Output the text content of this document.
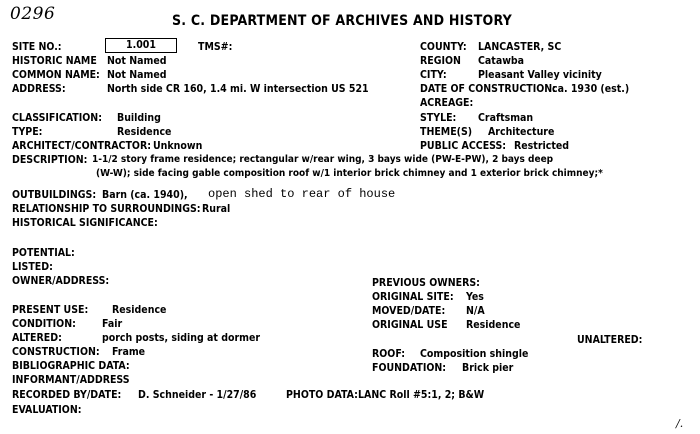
0296	S. C. DEPARTMENT OF ARCHIVES AND HISTORY
SITE NO.:	1.001	TMS#:
HISTORIC NAME Not Named
COMMON NAME: Not Named
ADDRESS:	North side CR 160, 1.4 mi. W intersection US 521
CLASSIFICATION: Building
TYPE:	Residence
ARCHITECT/CONTRACTOR: Unknown
DESCRIPTION: 1-1/2 story frame residence; rectangular w/rear wing, 3 bays wide (PW-E-PW), 2 bays deep
(W-W); side facing gable composition roof w/1 interior brick chimney and 1 exterior brick chimney;*
OUTBUILDINGS: Barn (ca. 1940), open shed to rear of house
RELATIONSHIP TO SURROUNDINGS: Rural
HISTORICAL SIGNIFICANCE:
POTENTIAL:
LISTED:
OWNER/ADDRESS:
PRESENT USE: Residence
CONDITION: Fair
ALTERED:	porch posts, siding at dormer
CONSTRUCTION: Frame
BIBLIOGRAPHIC DATA:
INFORMANT/ADDRESS
RECORDED BY/DATE: D. Schneider - 1/27/86	PHOTO DATA: LANC Roll #5:1, 2; B&W
EVALUATION:
COUNTY: LANCASTER, SC
REGION Catawba
CITY:	Pleasant Valley vicinity
DATE OF CONSTRUCTION:
ca. 1930 (est.)
ACREAGE:
STYLE: Craftsman
THEME(S) Architecture
PUBLIC ACCESS: Restricted
PREVIOUS OWNERS:
ORIGINAL SITE: Yes
MOVED/DATE: N/A
ORIGINAL USE Residence
UNALTERED:
ROOF: Composition shingle
FOUNDATION: Brick pier
/.
